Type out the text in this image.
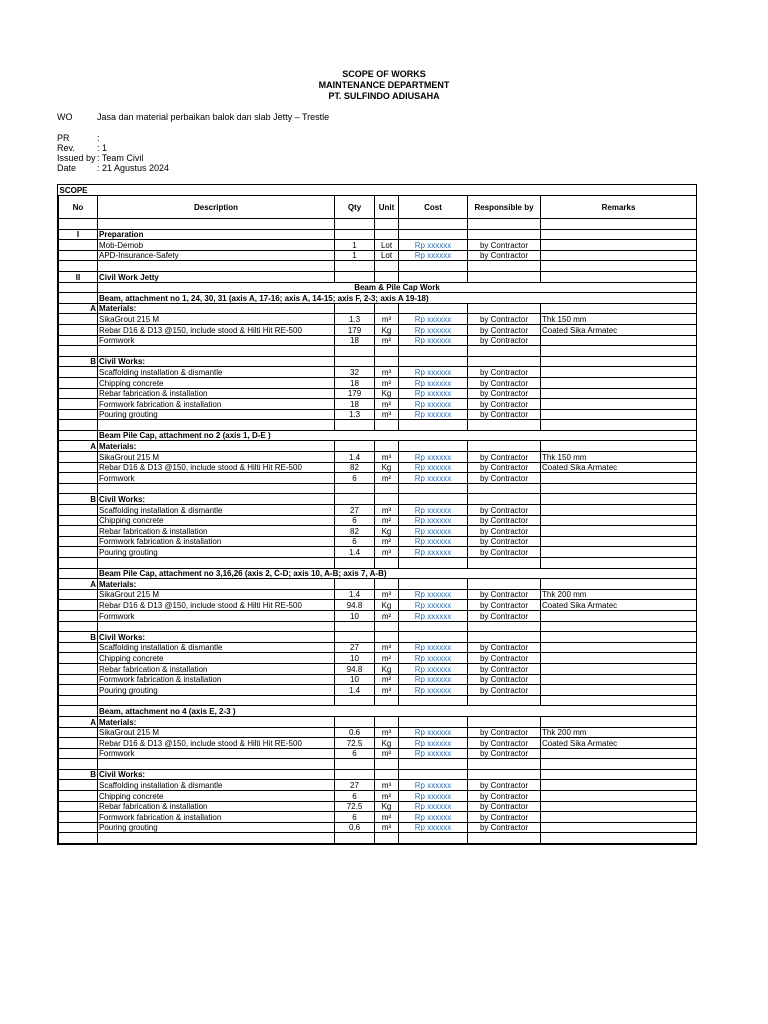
SCOPE OF WORKS
MAINTENANCE DEPARTMENT
PT. SULFINDO ADIUSAHA
WO	Jasa dan material perbaikan balok dan slab Jetty – Trestle
PR	:
Rev. : 1
Issued by : Team Civil
Date : 21 Agustus 2024
SCOPE						
No	Description	Qty	Unit	Cost	Responsible by	Remarks

I	Preparation					
	Mob-Demob	1	Lot	Rp xxxxxx	by Contractor	
	APD-Insurance-Safety	1	Lot	Rp xxxxxx	by Contractor	

II	Civil Work Jetty					
	Beam & Pile Cap Work					
	Beam, attachment no 1, 24, 30, 31 (axis A, 17-16; axis A, 14-15; axis F, 2-3; axis A 19-18)					
A	Materials:					
	SikaGrout 215 M	1.3	m³	Rp xxxxxx	by Contractor	Thk 150 mm
	Rebar D16 & D13 @150, include stood & Hilti Hit RE-500	179	Kg	Rp xxxxxx	by Contractor	Coated Sika Armatec
	Formwork	18	m²	Rp xxxxxx	by Contractor	

B	Civil Works:					
	Scaffolding installation & dismantle	32	m³	Rp xxxxxx	by Contractor	
	Chipping concrete	18	m²	Rp xxxxxx	by Contractor	
	Rebar fabrication & installation	179	Kg	Rp xxxxxx	by Contractor	
	Formwork fabrication & installation	18	m²	Rp xxxxxx	by Contractor	
	Pouring grouting	1.3	m³	Rp xxxxxx	by Contractor	

	Beam Pile Cap, attachment no 2 (axis 1, D-E )					
A	Materials:					
	SikaGrout 215 M	1.4	m³	Rp xxxxxx	by Contractor	Thk 150 mm
	Rebar D16 & D13 @150, include stood & Hilti Hit RE-500	82	Kg	Rp xxxxxx	by Contractor	Coated Sika Armatec
	Formwork	6	m²	Rp xxxxxx	by Contractor	

B	Civil Works:					
	Scaffolding installation & dismantle	27	m³	Rp xxxxxx	by Contractor	
	Chipping concrete	6	m²	Rp xxxxxx	by Contractor	
	Rebar fabrication & installation	82	Kg	Rp xxxxxx	by Contractor	
	Formwork fabrication & installation	6	m²	Rp xxxxxx	by Contractor	
	Pouring grouting	1.4	m³	Rp xxxxxx	by Contractor	

	Beam Pile Cap, attachment no 3,16,26 (axis 2, C-D; axis 10, A-B; axis 7, A-B)					
A	Materials:					
	SikaGrout 215 M	1.4	m³	Rp xxxxxx	by Contractor	Thk 200 mm
	Rebar D16 & D13 @150, include stood & Hilti Hit RE-500	94.8	Kg	Rp xxxxxx	by Contractor	Coated Sika Armatec
	Formwork	10	m²	Rp xxxxxx	by Contractor	

B	Civil Works:					
	Scaffolding installation & dismantle	27	m³	Rp xxxxxx	by Contractor	
	Chipping concrete	10	m²	Rp xxxxxx	by Contractor	
	Rebar fabrication & installation	94.8	Kg	Rp xxxxxx	by Contractor	
	Formwork fabrication & installation	10	m²	Rp xxxxxx	by Contractor	
	Pouring grouting	1.4	m³	Rp xxxxxx	by Contractor	

	Beam, attachment no 4 (axis E, 2-3 )					
A	Materials:					
	SikaGrout 215 M	0.6	m³	Rp xxxxxx	by Contractor	Thk 200 mm
	Rebar D16 & D13 @150, include stood & Hilti Hit RE-500	72.5	Kg	Rp xxxxxx	by Contractor	Coated Sika Armatec
	Formwork	6	m²	Rp xxxxxx	by Contractor	

B	Civil Works:					
	Scaffolding installation & dismantle	27	m³	Rp xxxxxx	by Contractor	
	Chipping concrete	6	m²	Rp xxxxxx	by Contractor	
	Rebar fabrication & installation	72.5	Kg	Rp xxxxxx	by Contractor	
	Formwork fabrication & installation	6	m²	Rp xxxxxx	by Contractor	
	Pouring grouting	0.6	m³	Rp xxxxxx	by Contractor	
